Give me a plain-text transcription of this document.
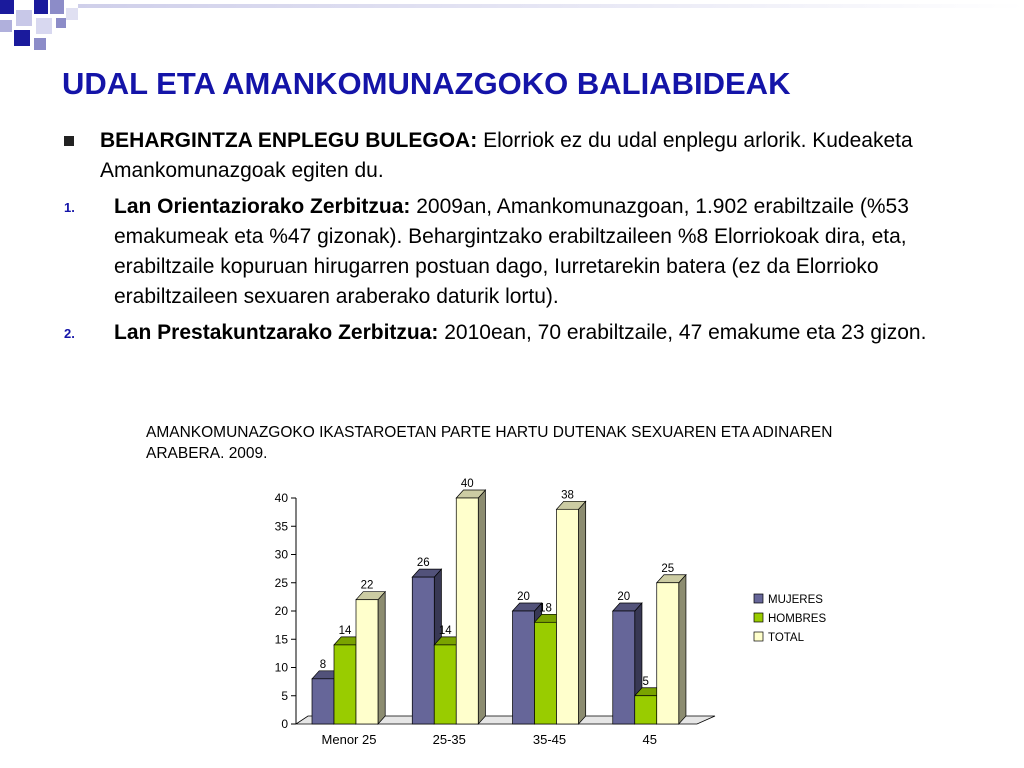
UDAL ETA AMANKOMUNAZGOKO BALIABIDEAK
BEHARGINTZA ENPLEGU BULEGOA: Elorriok ez du udal enplegu arlorik. Kudeaketa Amankomunazgoak egiten du.
1. Lan Orientaziorako Zerbitzua: 2009an, Amankomunazgoan, 1.902 erabiltzaile (%53 emakumeak eta %47 gizonak). Behargintzako erabiltzaileen %8 Elorriokoak dira, eta, erabiltzaile kopuruan hirugarren postuan dago, Iurretarekin batera (ez da Elorrioko erabiltzaileen sexuaren araberako daturik lortu).
2. Lan Prestakuntzarako Zerbitzua: 2010ean, 70 erabiltzaile, 47 emakume eta 23 gizon.
AMANKOMUNAZGOKO IKASTAROETAN PARTE HARTU DUTENAK SEXUAREN ETA ADINAREN ARABERA. 2009.
0
5
10
15
20
25
30
35
40
8
14
22
Menor 25
26
14
40
25-35
20
18
38
35-45
20
5
25
45
MUJERES
HOMBRES
TOTAL
